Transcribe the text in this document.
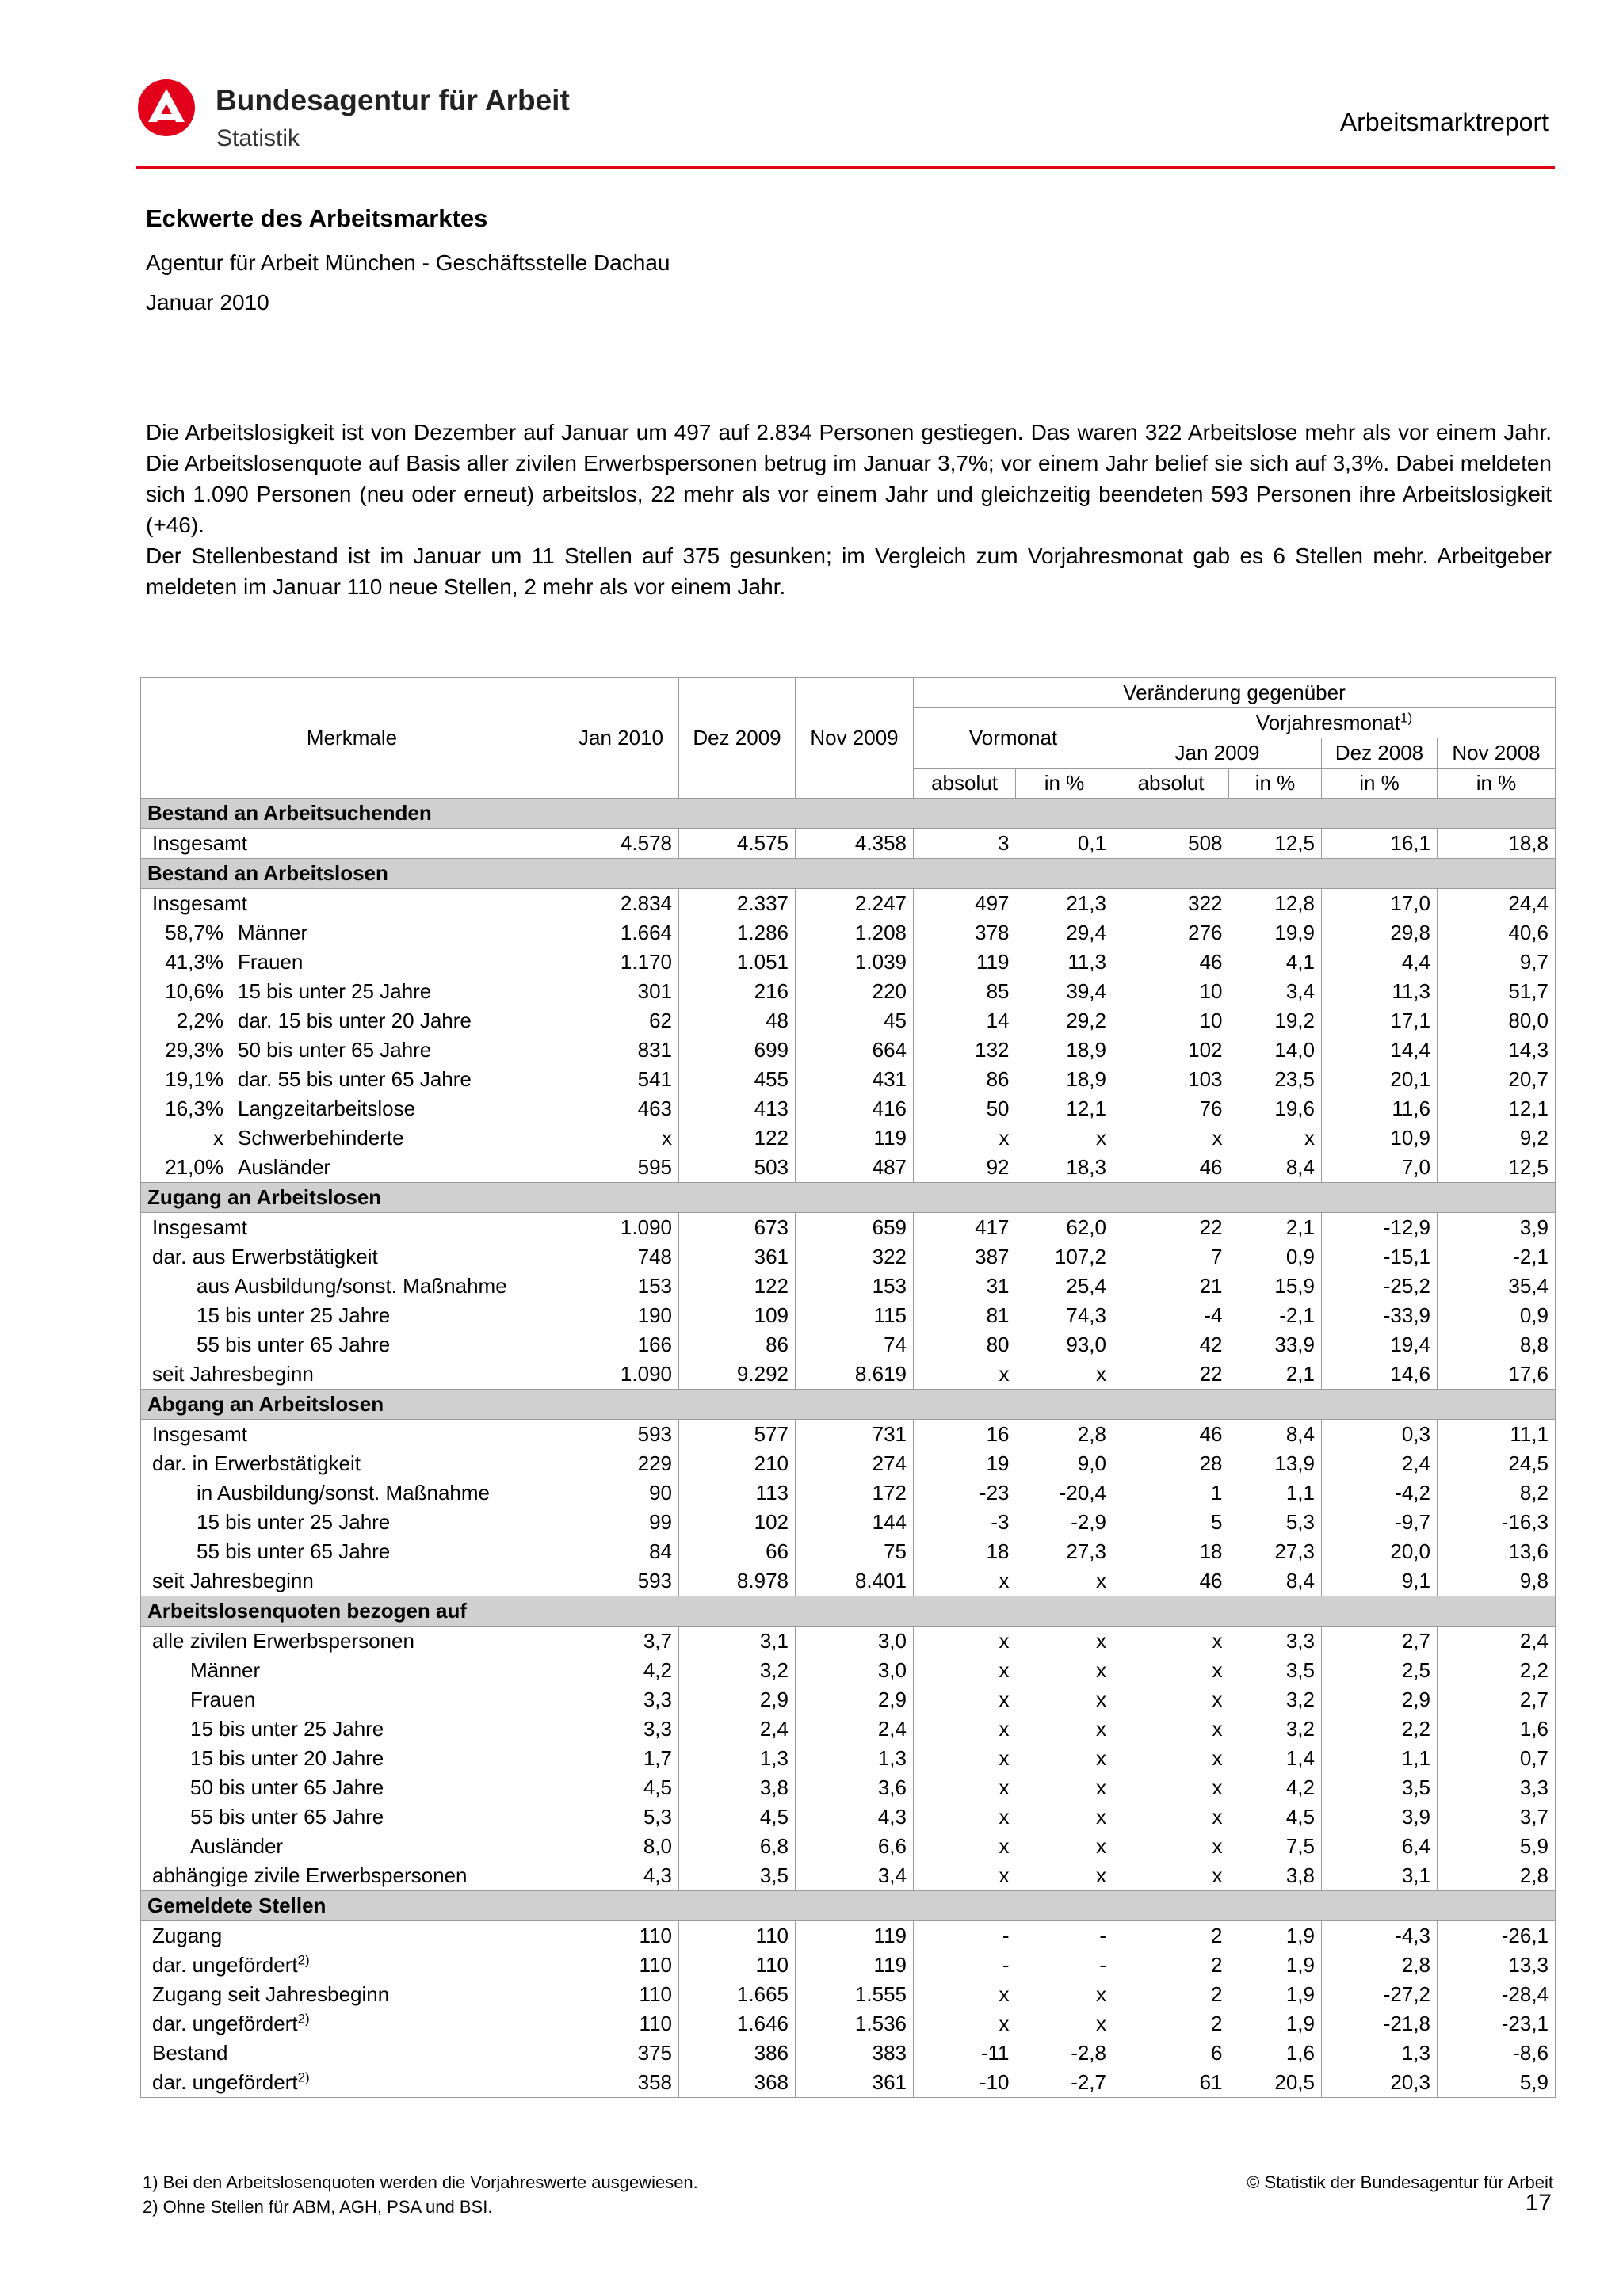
Bundesagentur für Arbeit
Statistik
Arbeitsmarktreport
Eckwerte des Arbeitsmarktes
Agentur für Arbeit München - Geschäftsstelle Dachau
Januar 2010

Die Arbeitslosigkeit ist von Dezember auf Januar um 497 auf 2.834 Personen gestiegen. Das waren 322 Arbeitslose mehr als vor einem Jahr. Die Arbeitslosenquote auf Basis aller zivilen Erwerbspersonen betrug im Januar 3,7%; vor einem Jahr belief sie sich auf 3,3%. Dabei meldeten sich 1.090 Personen (neu oder erneut) arbeitslos, 22 mehr als vor einem Jahr und gleichzeitig beendeten 593 Personen ihre Arbeitslosigkeit (+46).

Der Stellenbestand ist im Januar um 11 Stellen auf 375 gesunken; im Vergleich zum Vorjahresmonat gab es 6 Stellen mehr. Arbeitgeber meldeten im Januar 110 neue Stellen, 2 mehr als vor einem Jahr.

Merkmale	Jan 2010	Dez 2009	Nov 2009	Veränderung gegenüber					
				Vormonat		Vorjahresmonat$^{1)}$
						Jan 2009		Dez 2008	Nov 2008
				absolut	in %	absolut	in %	in %	in %
Bestand an Arbeitsuchenden									
Insgesamt	4.578	4.575	4.358	3	0,1	508	12,5	16,1	18,8
Bestand an Arbeitslosen									
Insgesamt	2.834	2.337	2.247	497	21,3	322	12,8	17,0	24,4
58,7% Männer	1.664	1.286	1.208	378	29,4	276	19,9	29,8	40,6
41,3% Frauen	1.170	1.051	1.039	119	11,3	46	4,1	4,4	9,7
10,6% 15 bis unter 25 Jahre	301	216	220	85	39,4	10	3,4	11,3	51,7
2,2% dar. 15 bis unter 20 Jahre	62	48	45	14	29,2	10	19,2	17,1	80,0
29,3% 50 bis unter 65 Jahre	831	699	664	132	18,9	102	14,0	14,4	14,3
19,1% dar. 55 bis unter 65 Jahre	541	455	431	86	18,9	103	23,5	20,1	20,7
16,3% Langzeitarbeitslose	463	413	416	50	12,1	76	19,6	11,6	12,1
x Schwerbehinderte	x	122	119	x	x	x	x	10,9	9,2
21,0% Ausländer	595	503	487	92	18,3	46	8,4	7,0	12,5
Zugang an Arbeitslosen									
Insgesamt	1.090	673	659	417	62,0	22	2,1	-12,9	3,9
dar. aus Erwerbstätigkeit	748	361	322	387	107,2	7	0,9	-15,1	-2,1
aus Ausbildung/sonst. Maßnahme	153	122	153	31	25,4	21	15,9	-25,2	35,4
15 bis unter 25 Jahre	190	109	115	81	74,3	-4	-2,1	-33,9	0,9
55 bis unter 65 Jahre	166	86	74	80	93,0	42	33,9	19,4	8,8
seit Jahresbeginn	1.090	9.292	8.619	x	x	22	2,1	14,6	17,6
Abgang an Arbeitslosen									
Insgesamt	593	577	731	16	2,8	46	8,4	0,3	11,1
dar. in Erwerbstätigkeit	229	210	274	19	9,0	28	13,9	2,4	24,5
in Ausbildung/sonst. Maßnahme	90	113	172	-23	-20,4	1	1,1	-4,2	8,2
15 bis unter 25 Jahre	99	102	144	-3	-2,9	5	5,3	-9,7	-16,3
55 bis unter 65 Jahre	84	66	75	18	27,3	18	27,3	20,0	13,6
seit Jahresbeginn	593	8.978	8.401	x	x	46	8,4	9,1	9,8
Arbeitslosenquoten bezogen auf									
alle zivilen Erwerbspersonen	3,7	3,1	3,0	x	x	x	3,3	2,7	2,4
Männer	4,2	3,2	3,0	x	x	x	3,5	2,5	2,2
Frauen	3,3	2,9	2,9	x	x	x	3,2	2,9	2,7
15 bis unter 25 Jahre	3,3	2,4	2,4	x	x	x	3,2	2,2	1,6
15 bis unter 20 Jahre	1,7	1,3	1,3	x	x	x	1,4	1,1	0,7
50 bis unter 65 Jahre	4,5	3,8	3,6	x	x	x	4,2	3,5	3,3
55 bis unter 65 Jahre	5,3	4,5	4,3	x	x	x	4,5	3,9	3,7
Ausländer	8,0	6,8	6,6	x	x	x	7,5	6,4	5,9
abhängige zivile Erwerbspersonen	4,3	3,5	3,4	x	x	x	3,8	3,1	2,8
Gemeldete Stellen									
Zugang	110	110	119	-	-	2	1,9	-4,3	-26,1
dar. ungefördert$^{2)}$	110	110	119	-	-	2	1,9	2,8	13,3
Zugang seit Jahresbeginn	110	1.665	1.555	x	x	2	1,9	-27,2	-28,4
dar. ungefördert$^{2)}$	110	1.646	1.536	x	x	2	1,9	-21,8	-23,1
Bestand	375	386	383	-11	-2,8	6	1,6	1,3	-8,6
dar. ungefördert$^{2)}$	358	368	361	-10	-2,7	61	20,5	20,3	5,9
1) Bei den Arbeitslosenquoten werden die Vorjahreswerte ausgewiesen.
2) Ohne Stellen für ABM, AGH, PSA und BSI.
© Statistik der Bundesagentur für Arbeit
17
